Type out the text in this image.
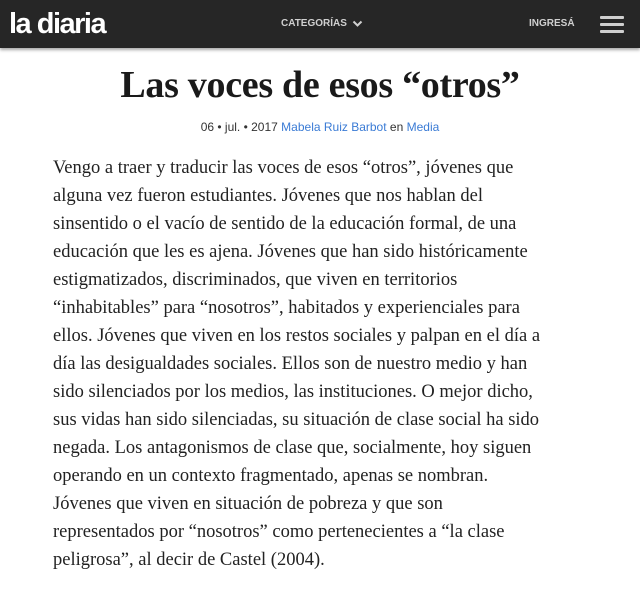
la diaria	CATEGORÍAS	INGRESÁ
Las voces de esos “otros”
06 • jul. • 2017 Mabela Ruiz Barbot en Media

Vengo a traer y traducir las voces de esos “otros”, jóvenes que
alguna vez fueron estudiantes. Jóvenes que nos hablan del
sinsentido o el vacío de sentido de la educación formal, de una
educación que les es ajena. Jóvenes que han sido históricamente
estigmatizados, discriminados, que viven en territorios
“inhabitables” para “nosotros”, habitados y experienciales para
ellos. Jóvenes que viven en los restos sociales y palpan en el día a
día las desigualdades sociales. Ellos son de nuestro medio y han
sido silenciados por los medios, las instituciones. O mejor dicho,
sus vidas han sido silenciadas, su situación de clase social ha sido
negada. Los antagonismos de clase que, socialmente, hoy siguen
operando en un contexto fragmentado, apenas se nombran.
Jóvenes que viven en situación de pobreza y que son
representados por “nosotros” como pertenecientes a “la clase
peligrosa”, al decir de Castel (2004).
